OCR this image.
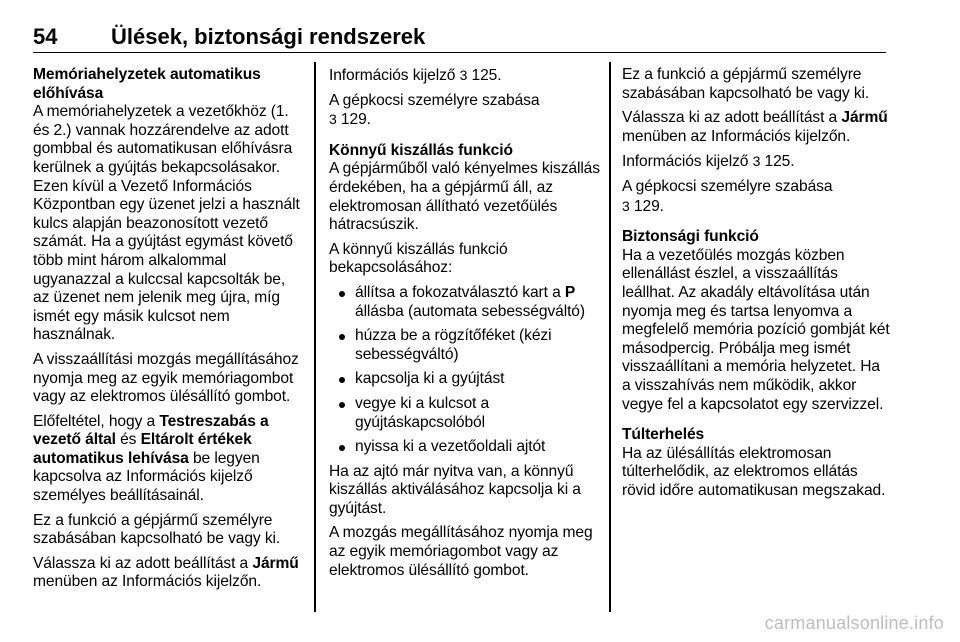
54 Ülések, biztonsági rendszerek

Memóriahelyzetek automatikus előhívása

A memóriahelyzetek a vezetőkhöz (1. és 2.) vannak hozzárendelve az adott gombbal és automatikusan előhívásra kerülnek a gyújtás bekapcsolásakor. Ezen kívül a Vezető Információs Központban egy üzenet jelzi a használt kulcs alapján beazonosított vezető számát. Ha a gyújtást egymást követő több mint három alkalommal ugyanazzal a kulccsal kapcsolták be, az üzenet nem jelenik meg újra, míg ismét egy másik kulcsot nem használnak.

A visszaállítási mozgás megállításához nyomja meg az egyik memóriagombot vagy az elektromos ülésállító gombot.

Előfeltétel, hogy a Testreszabás a vezető által és Eltárolt értékek automatikus lehívása be legyen kapcsolva az Információs kijelző személyes beállításainál.

Ez a funkció a gépjármű személyre szabásában kapcsolható be vagy ki.

Válassza ki az adott beállítást a Jármű menüben az Információs kijelzőn.

Információs kijelző 3 125.

A gépkocsi személyre szabása
3 129.

Könnyű kiszállás funkció

A gépjárműből való kényelmes kiszállás érdekében, ha a gépjármű áll, az elektromosan állítható vezetőülés hátracsúszik.

A könnyű kiszállás funkció bekapcsolásához:

állítsa a fokozatválasztó kart a P állásba (automata sebességváltó)
húzza be a rögzítőféket (kézi sebességváltó)
kapcsolja ki a gyújtást
vegye ki a kulcsot a gyújtáskapcsolóból
nyissa ki a vezetőoldali ajtót

Ha az ajtó már nyitva van, a könnyű kiszállás aktiválásához kapcsolja ki a gyújtást.

A mozgás megállításához nyomja meg az egyik memóriagombot vagy az elektromos ülésállító gombot.

Ez a funkció a gépjármű személyre szabásában kapcsolható be vagy ki.

Válassza ki az adott beállítást a Jármű menüben az Információs kijelzőn.

Információs kijelző 3 125.

A gépkocsi személyre szabása
3 129.

Biztonsági funkció

Ha a vezetőülés mozgás közben ellenállást észlel, a visszaállítás leállhat. Az akadály eltávolítása után nyomja meg és tartsa lenyomva a megfelelő memória pozíció gombját két másodpercig. Próbálja meg ismét visszaállítani a memória helyzetet. Ha a visszahívás nem működik, akkor vegye fel a kapcsolatot egy szervizzel.

Túlterhelés

Ha az ülésállítás elektromosan túlterhelődik, az elektromos ellátás rövid időre automatikusan megszakad.

carmanualsonline.info
